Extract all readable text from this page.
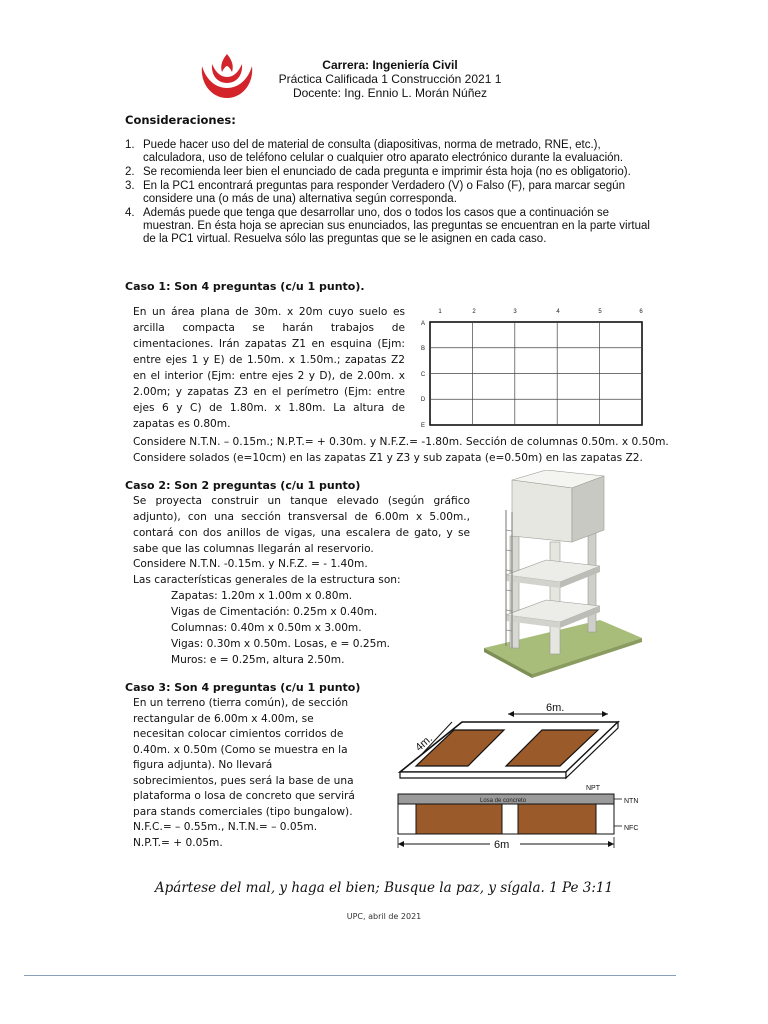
Carrera: Ingeniería Civil
Práctica Calificada 1 Construcción 2021 1
Docente: Ing. Ennio L. Morán Núñez
Consideraciones:
1. Puede hacer uso del de material de consulta (diapositivas, norma de metrado, RNE, etc.), calculadora, uso de teléfono celular o cualquier otro aparato electrónico durante la evaluación.
2. Se recomienda leer bien el enunciado de cada pregunta e imprimir ésta hoja (no es obligatorio).
3. En la PC1 encontrará preguntas para responder Verdadero (V) o Falso (F), para marcar según considere una (o más de una) alternativa según corresponda.
4. Además puede que tenga que desarrollar uno, dos o todos los casos que a continuación se muestran. En ésta hoja se aprecian sus enunciados, las preguntas se encuentran en la parte virtual de la PC1 virtual. Resuelva sólo las preguntas que se le asignen en cada caso.
Caso 1: Son 4 preguntas (c/u 1 punto).
En un área plana de 30m. x 20m cuyo suelo es arcilla compacta se harán trabajos de cimentaciones. Irán zapatas Z1 en esquina (Ejm: entre ejes 1 y E) de 1.50m. x 1.50m.; zapatas Z2 en el interior (Ejm: entre ejes 2 y D), de 2.00m. x 2.00m; y zapatas Z3 en el perímetro (Ejm: entre ejes 6 y C) de 1.80m. x 1.80m. La altura de zapatas es 0.80m.
1	2	3	4	5	6
A
B
C
D
E
Considere N.T.N. – 0.15m.; N.P.T.= + 0.30m. y N.F.Z.= -1.80m. Sección de columnas 0.50m. x 0.50m.
Considere solados (e=10cm) en las zapatas Z1 y Z3 y sub zapata (e=0.50m) en las zapatas Z2.
Caso 2: Son 2 preguntas (c/u 1 punto)
Se proyecta construir un tanque elevado (según gráfico adjunto), con una sección transversal de 6.00m x 5.00m., contará con dos anillos de vigas, una escalera de gato, y se sabe que las columnas llegarán al reservorio.
Considere N.T.N. -0.15m. y N.F.Z. = - 1.40m.
Las características generales de la estructura son:
Zapatas: 1.20m x 1.00m x 0.80m.
Vigas de Cimentación: 0.25m x 0.40m.
Columnas: 0.40m x 0.50m x 3.00m.
Vigas: 0.30m x 0.50m. Losas, e = 0.25m.
Muros: e = 0.25m, altura 2.50m.
Caso 3: Son 4 preguntas (c/u 1 punto)
En un terreno (tierra común), de sección
rectangular de 6.00m x 4.00m, se
necesitan colocar cimientos corridos de
0.40m. x 0.50m (Como se muestra en la
figura adjunta). No llevará
sobrecimientos, pues será la base de una
plataforma o losa de concreto que servirá
para stands comerciales (tipo bungalow).
N.F.C.= – 0.55m., N.T.N.= – 0.05m.
N.P.T.= + 0.05m.
6m.
4m.
NPT
Losa de concreto	NTN
NFC
6m
Apártese del mal, y haga el bien; Busque la paz, y sígala. 1 Pe 3:11
UPC, abril de 2021
